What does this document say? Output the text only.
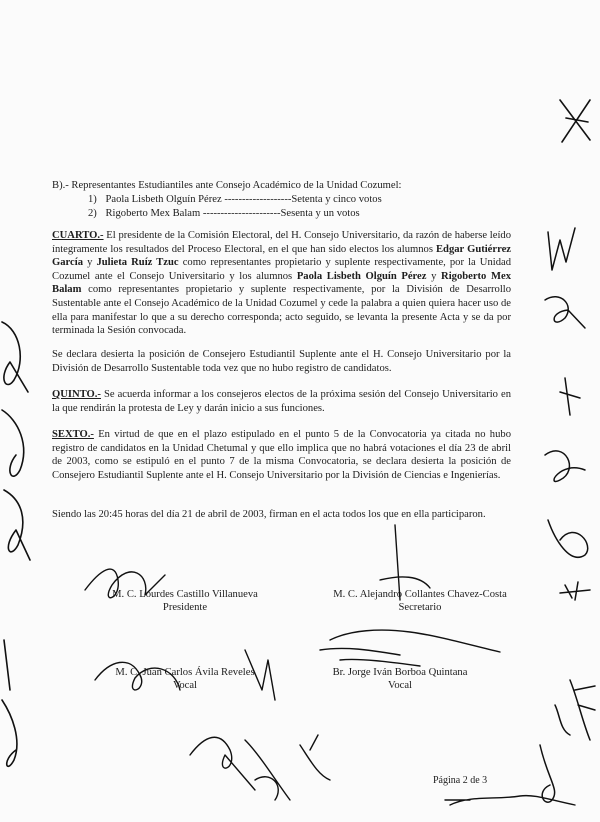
B).- Representantes Estudiantiles ante Consejo Académico de la Unidad Cozumel:
1) Paola Lisbeth Olguín Pérez -------------------Setenta y cinco votos
2) Rigoberto Mex Balam ----------------------Sesenta y un votos
CUARTO.- El presidente de la Comisión Electoral, del H. Consejo Universitario, da razón de haberse leído íntegramente los resultados del Proceso Electoral, en el que han sido electos los alumnos Edgar Gutiérrez García y Julieta Ruíz Tzuc como representantes propietario y suplente respectivamente, por la Unidad Cozumel ante el Consejo Universitario y los alumnos Paola Lisbeth Olguín Pérez y Rigoberto Mex Balam como representantes propietario y suplente respectivamente, por la División de Desarrollo Sustentable ante el Consejo Académico de la Unidad Cozumel y cede la palabra a quien quiera hacer uso de ella para manifestar lo que a su derecho corresponda; acto seguido, se levanta la presente Acta y se da por terminada la Sesión convocada.
Se declara desierta la posición de Consejero Estudiantil Suplente ante el H. Consejo Universitario por la División de Desarrollo Sustentable toda vez que no hubo registro de candidatos.
QUINTO.- Se acuerda informar a los consejeros electos de la próxima sesión del Consejo Universitario en la que rendirán la protesta de Ley y darán inicio a sus funciones.
SEXTO.- En virtud de que en el plazo estipulado en el punto 5 de la Convocatoria ya citada no hubo registro de candidatos en la Unidad Chetumal y que ello implica que no habrá votaciones el día 23 de abril de 2003, como se estipuló en el punto 7 de la misma Convocatoria, se declara desierta la posición de Consejero Estudiantil Suplente ante el H. Consejo Universitario por la División de Ciencias e Ingenierías.
Siendo las 20:45 horas del día 21 de abril de 2003, firman en el acta todos los que en ella participaron.
M. C. Lourdes Castillo Villanueva
Presidente
M. C. Alejandro Collantes Chavez-Costa
Secretario
M. C. Juan Carlos Ávila Reveles
Vocal
Br. Jorge Iván Borboa Quintana
Vocal
Página 2 de 3
